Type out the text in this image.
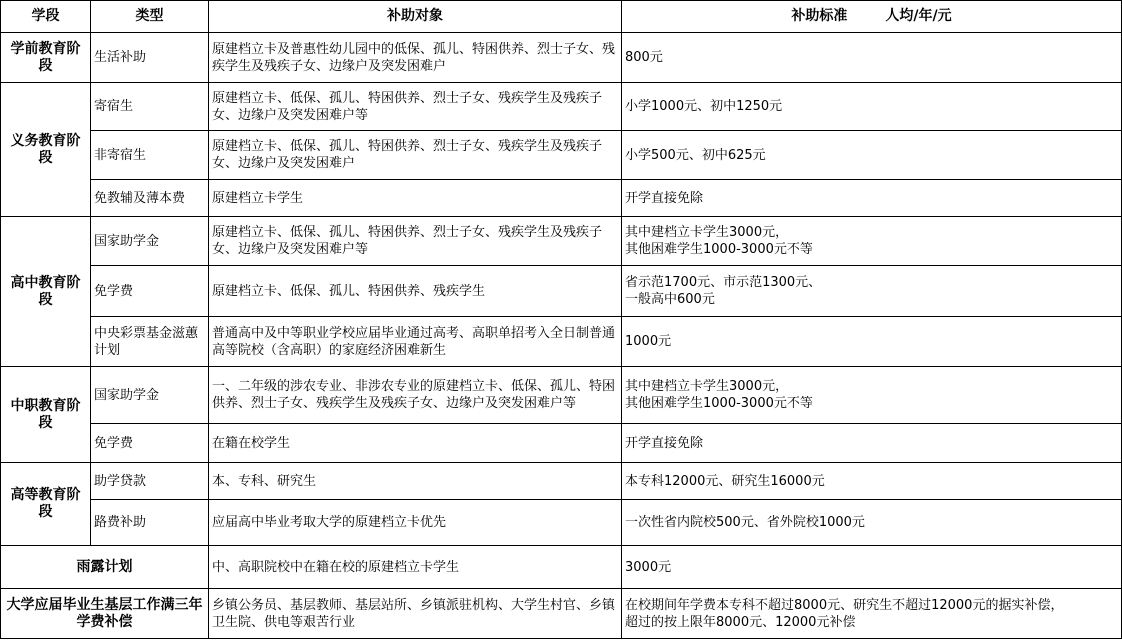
学段	类型	补助对象	补助标准 人均/年/元
学前教育阶段	生活补助	原建档立卡及普惠性幼儿园中的低保、孤儿、特困供养、烈士子女、残疾学生及残疾子女、边缘户及突发困难户	800元

义务教育阶段	寄宿生	原建档立卡、低保、孤儿、特困供养、烈士子女、残疾学生及残疾子女、边缘户及突发困难户等	小学1000元、初中1250元

	非寄宿生	原建档立卡、低保、孤儿、特困供养、烈士子女、残疾学生及残疾子女、边缘户及突发困难户	小学500元、初中625元

	免教辅及薄本费	原建档立卡学生	开学直接免除

高中教育阶段	国家助学金	原建档立卡、低保、孤儿、特困供养、烈士子女、残疾学生及残疾子女、边缘户及突发困难户等	其中建档立卡学生3000元，
其他困难学生1000-3000元不等

	免学费	原建档立卡、低保、孤儿、特困供养、残疾学生	省示范1700元、市示范1300元、
一般高中600元

	中央彩票基金滋蕙计划	普通高中及中等职业学校应届毕业通过高考、高职单招考入全日制普通高等院校（含高职）的家庭经济困难新生	1000元

中职教育阶段	国家助学金	一、二年级的涉农专业、非涉农专业的原建档立卡、低保、孤儿、特困供养、烈士子女、残疾学生及残疾子女、边缘户及突发困难户等	其中建档立卡学生3000元，
其他困难学生1000-3000元不等

	免学费	在籍在校学生	开学直接免除

高等教育阶段	助学贷款	本、专科、研究生	本专科12000元、研究生16000元

	路费补助	应届高中毕业考取大学的原建档立卡优先	一次性省内院校500元、省外院校1000元

雨露计划		中、高职院校中在籍在校的原建档立卡学生	3000元

大学应届毕业生基层工作满三年学费补偿		乡镇公务员、基层教师、基层站所、乡镇派驻机构、大学生村官、乡镇卫生院、供电等艰苦行业	在校期间年学费本专科不超过8000元、研究生不超过12000元的据实补偿，
超过的按上限年8000元、12000元补偿
